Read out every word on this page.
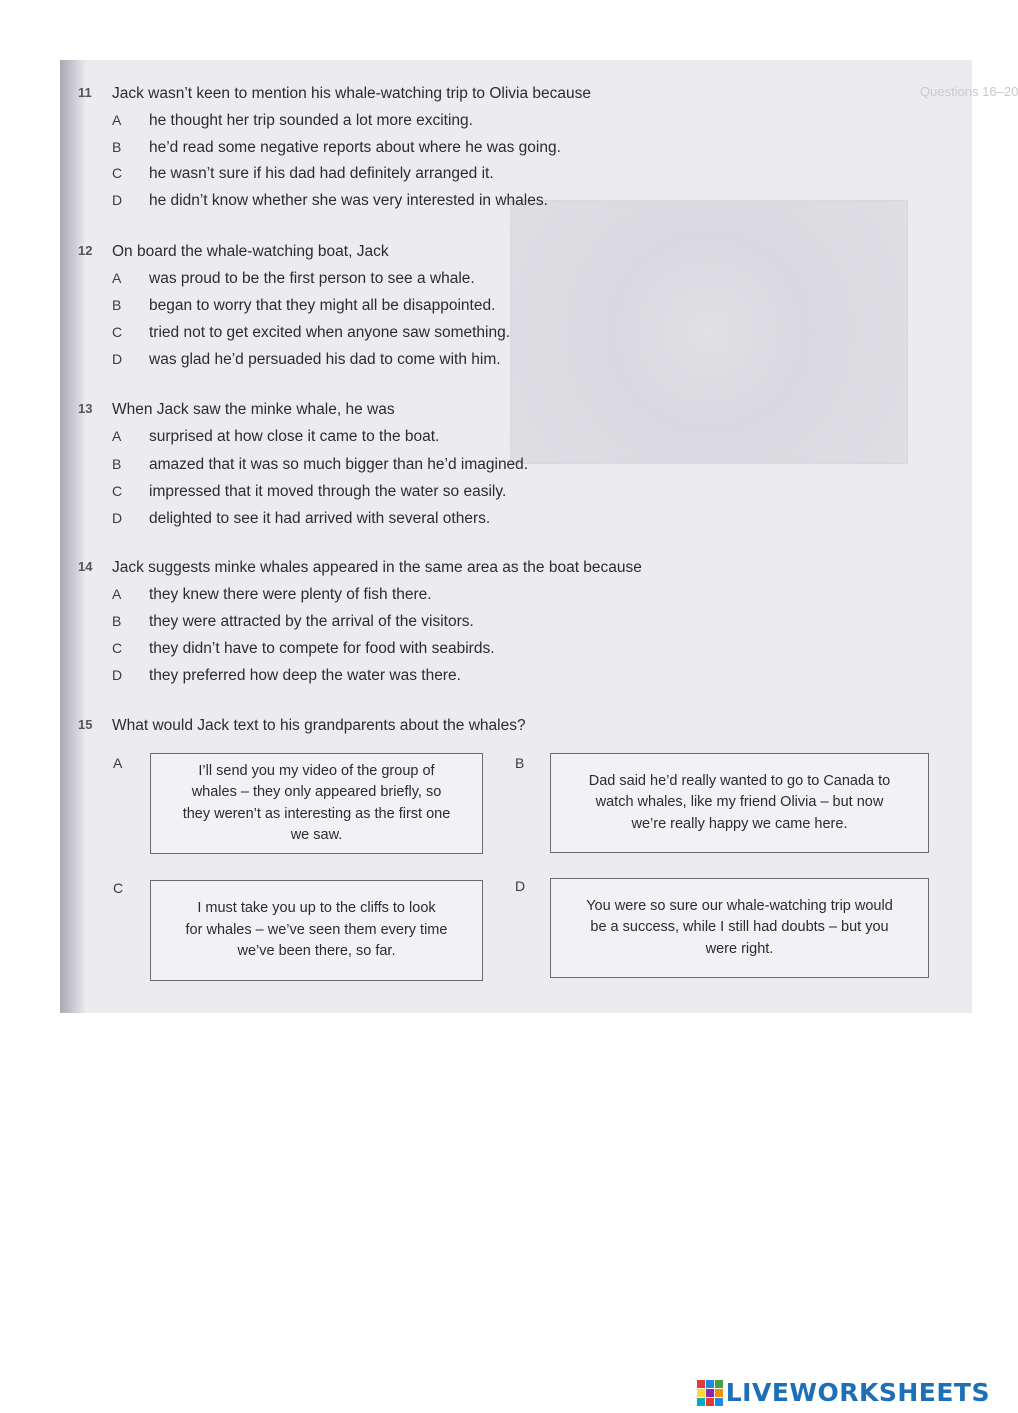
Questions 16–20
11	Jack wasn’t keen to mention his whale-watching trip to Olivia because
A	he thought her trip sounded a lot more exciting.
B	he’d read some negative reports about where he was going.
C	he wasn’t sure if his dad had definitely arranged it.
D	he didn’t know whether she was very interested in whales.
12	On board the whale-watching boat, Jack
A	was proud to be the first person to see a whale.
B	began to worry that they might all be disappointed.
C	tried not to get excited when anyone saw something.
D	was glad he’d persuaded his dad to come with him.
13	When Jack saw the minke whale, he was
A	surprised at how close it came to the boat.
B	amazed that it was so much bigger than he’d imagined.
C	impressed that it moved through the water so easily.
D	delighted to see it had arrived with several others.
14	Jack suggests minke whales appeared in the same area as the boat because
A	they knew there were plenty of fish there.
B	they were attracted by the arrival of the visitors.
C	they didn’t have to compete for food with seabirds.
D	they preferred how deep the water was there.
15	What would Jack text to his grandparents about the whales?
A	I’ll send you my video of the group of
whales – they only appeared briefly, so
they weren’t as interesting as the first one
we saw.
B
Dad said he’d really wanted to go to Canada to
watch whales, like my friend Olivia – but now
we’re really happy we came here.
C
I must take you up to the cliffs to look
for whales – we’ve seen them every time
we’ve been there, so far.
D
You were so sure our whale-watching trip would
be a success, while I still had doubts – but you
were right.
LIVEWORKSHEETS
